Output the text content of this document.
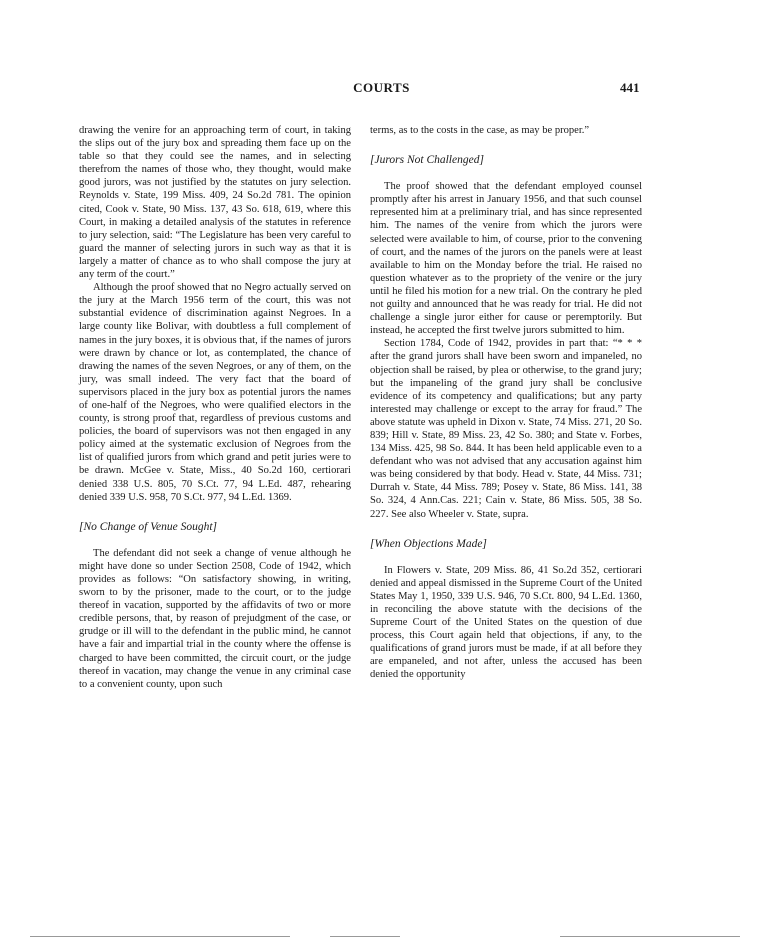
COURTS	441

drawing the venire for an approaching term of court, in taking the slips out of the jury box and spreading them face up on the table so that they could see the names, and in selecting therefrom the names of those who, they thought, would make good jurors, was not justified by the statutes on jury selection. Reynolds v. State, 199 Miss. 409, 24 So.2d 781. The opinion cited, Cook v. State, 90 Miss. 137, 43 So. 618, 619, where this Court, in making a detailed analysis of the statutes in reference to jury selection, said: “The Legislature has been very careful to guard the manner of selecting jurors in such way as that it is largely a matter of chance as to who shall compose the jury at any term of the court.”

Although the proof showed that no Negro actually served on the jury at the March 1956 term of the court, this was not substantial evidence of discrimination against Negroes. In a large county like Bolivar, with doubtless a full complement of names in the jury boxes, it is obvious that, if the names of jurors were drawn by chance or lot, as contemplated, the chance of drawing the names of the seven Negroes, or any of them, on the jury, was small indeed. The very fact that the board of supervisors placed in the jury box as potential jurors the names of one-half of the Negroes, who were qualified electors in the county, is strong proof that, regardless of previous customs and policies, the board of supervisors was not then engaged in any policy aimed at the systematic exclusion of Negroes from the list of qualified jurors from which grand and petit juries were to be drawn. McGee v. State, Miss., 40 So.2d 160, certiorari denied 338 U.S. 805, 70 S.Ct. 77, 94 L.Ed. 487, rehearing denied 339 U.S. 958, 70 S.Ct. 977, 94 L.Ed. 1369.

[No Change of Venue Sought]

The defendant did not seek a change of venue although he might have done so under Section 2508, Code of 1942, which provides as follows: “On satisfactory showing, in writing, sworn to by the prisoner, made to the court, or to the judge thereof in vacation, supported by the affidavits of two or more credible persons, that, by reason of prejudgment of the case, or grudge or ill will to the defendant in the public mind, he cannot have a fair and impartial trial in the county where the offense is charged to have been committed, the circuit court, or the judge thereof in vacation, may change the venue in any criminal case to a convenient county, upon such

terms, as to the costs in the case, as may be proper.”

[Jurors Not Challenged]

The proof showed that the defendant employed counsel promptly after his arrest in January 1956, and that such counsel represented him at a preliminary trial, and has since represented him. The names of the venire from which the jurors were selected were available to him, of course, prior to the convening of court, and the names of the jurors on the panels were at least available to him on the Monday before the trial. He raised no question whatever as to the propriety of the venire or the jury until he filed his motion for a new trial. On the contrary he pled not guilty and announced that he was ready for trial. He did not challenge a single juror either for cause or peremptorily. But instead, he accepted the first twelve jurors submitted to him.

Section 1784, Code of 1942, provides in part that: “* * * after the grand jurors shall have been sworn and impaneled, no objection shall be raised, by plea or otherwise, to the grand jury; but the impaneling of the grand jury shall be conclusive evidence of its competency and qualifications; but any party interested may challenge or except to the array for fraud.” The above statute was upheld in Dixon v. State, 74 Miss. 271, 20 So. 839; Hill v. State, 89 Miss. 23, 42 So. 380; and State v. Forbes, 134 Miss. 425, 98 So. 844. It has been held applicable even to a defendant who was not advised that any accusation against him was being considered by that body. Head v. State, 44 Miss. 731; Durrah v. State, 44 Miss. 789; Posey v. State, 86 Miss. 141, 38 So. 324, 4 Ann.Cas. 221; Cain v. State, 86 Miss. 505, 38 So. 227. See also Wheeler v. State, supra.

[When Objections Made]

In Flowers v. State, 209 Miss. 86, 41 So.2d 352, certiorari denied and appeal dismissed in the Supreme Court of the United States May 1, 1950, 339 U.S. 946, 70 S.Ct. 800, 94 L.Ed. 1360, in reconciling the above statute with the decisions of the Supreme Court of the United States on the question of due process, this Court again held that objections, if any, to the qualifications of grand jurors must be made, if at all before they are empaneled, and not after, unless the accused has been denied the opportunity
